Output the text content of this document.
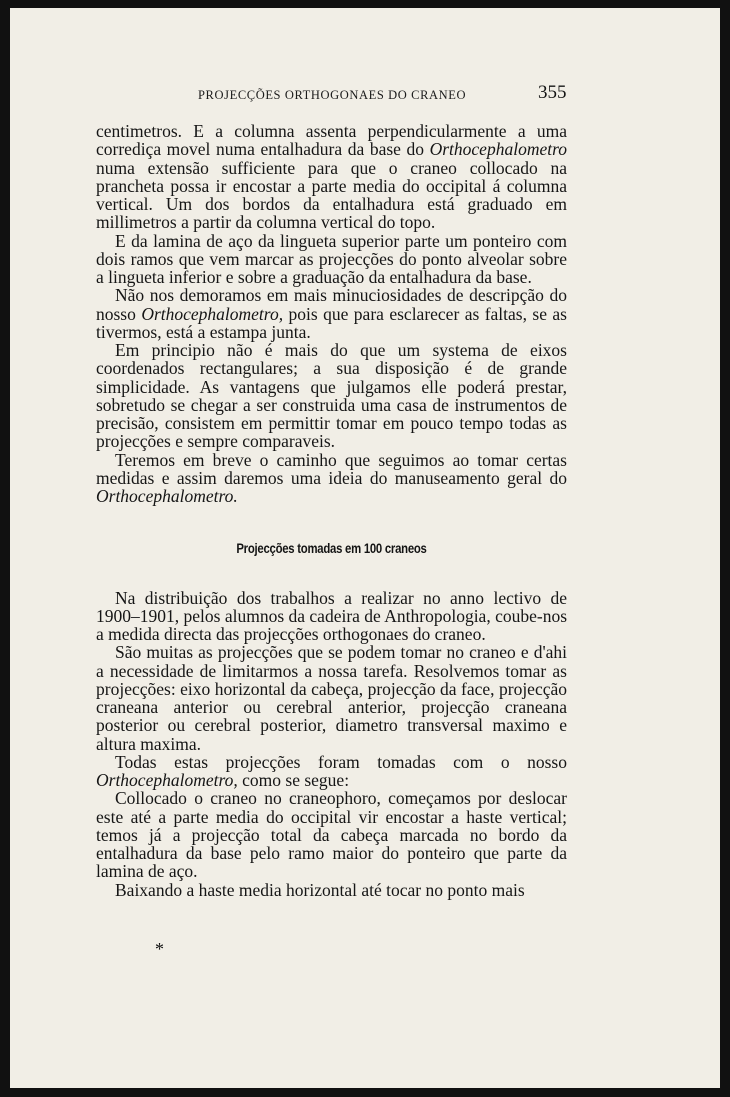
PROJECÇÕES ORTHOGONAES DO CRANEO	355

centimetros. E a columna assenta perpendicularmente a uma corrediça movel numa entalhadura da base do Orthocephalometro numa extensão sufficiente para que o craneo collocado na prancheta possa ir encostar a parte media do occipital á columna vertical. Um dos bordos da entalhadura está graduado em millimetros a partir da columna vertical do topo.

E da lamina de aço da lingueta superior parte um ponteiro com dois ramos que vem marcar as projecções do ponto alveolar sobre a lingueta inferior e sobre a graduação da entalhadura da base.

Não nos demoramos em mais minuciosidades de descripção do nosso Orthocephalometro, pois que para esclarecer as faltas, se as tivermos, está a estampa junta.

Em principio não é mais do que um systema de eixos coordenados rectangulares; a sua disposição é de grande simplicidade. As vantagens que julgamos elle poderá prestar, sobretudo se chegar a ser construida uma casa de instrumentos de precisão, consistem em permittir tomar em pouco tempo todas as projecções e sempre comparaveis.

Teremos em breve o caminho que seguimos ao tomar certas medidas e assim daremos uma ideia do manuseamento geral do Orthocephalometro.

Projecções tomadas em 100 craneos

Na distribuição dos trabalhos a realizar no anno lectivo de 1900–1901, pelos alumnos da cadeira de Anthropologia, coube-nos a medida directa das projecções orthogonaes do craneo.

São muitas as projecções que se podem tomar no craneo e d'ahi a necessidade de limitarmos a nossa tarefa. Resolvemos tomar as projecções: eixo horizontal da cabeça, projecção da face, projecção craneana anterior ou cerebral anterior, projecção craneana posterior ou cerebral posterior, diametro transversal maximo e altura maxima.

Todas estas projecções foram tomadas com o nosso Orthocephalometro, como se segue:

Collocado o craneo no craneophoro, começamos por deslocar este até a parte media do occipital vir encostar a haste vertical; temos já a projecção total da cabeça marcada no bordo da entalhadura da base pelo ramo maior do ponteiro que parte da lamina de aço.

Baixando a haste media horizontal até tocar no ponto mais

*
